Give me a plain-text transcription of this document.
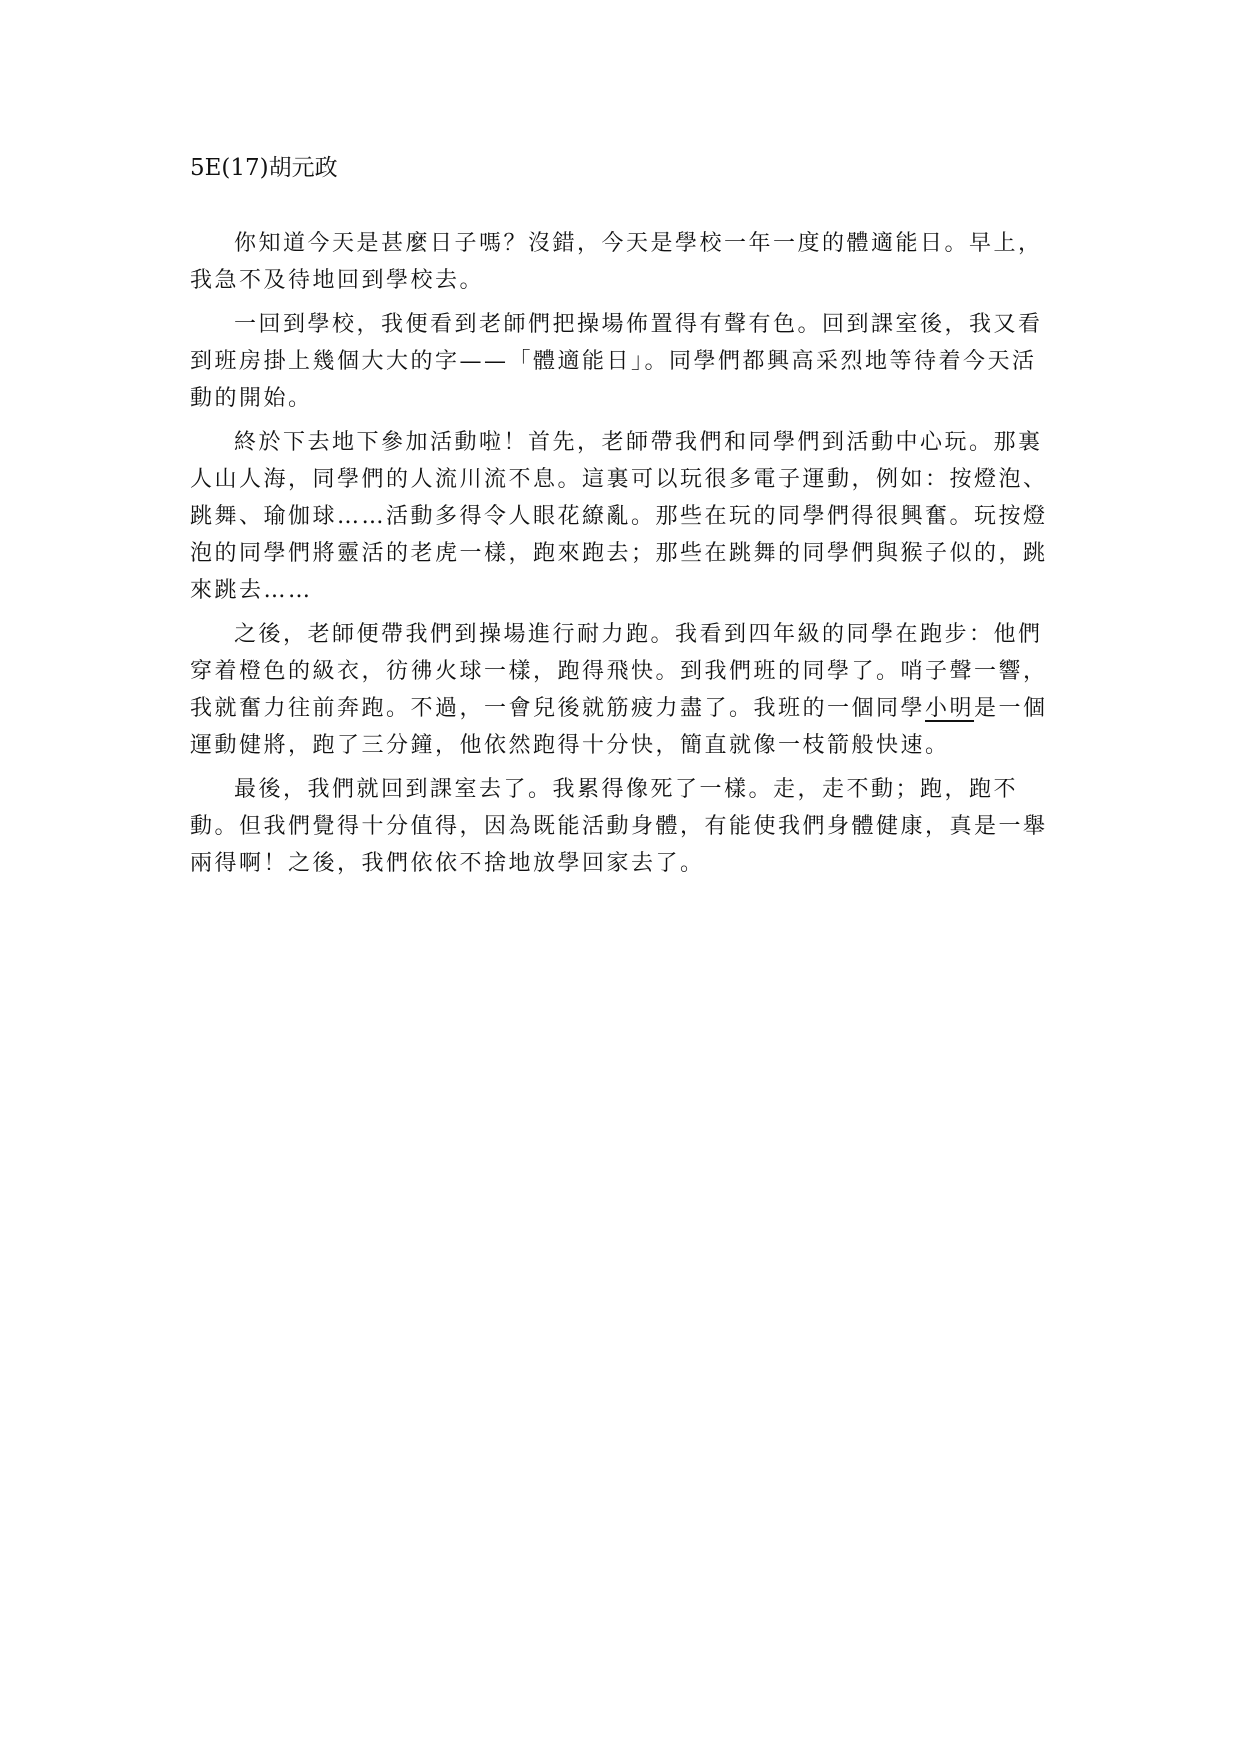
5E(17)胡元政

你知道今天是甚麼日子嗎？沒錯，今天是學校一年一度的體適能日。早上，我急不及待地回到學校去。

一回到學校，我便看到老師們把操場佈置得有聲有色。回到課室後，我又看到班房掛上幾個大大的字——「體適能日」。同學們都興高采烈地等待着今天活動的開始。

終於下去地下參加活動啦！首先，老師帶我們和同學們到活動中心玩。那裏人山人海，同學們的人流川流不息。這裏可以玩很多電子運動，例如：按燈泡、跳舞、瑜伽球……活動多得令人眼花繚亂。那些在玩的同學們得很興奮。玩按燈泡的同學們將靈活的老虎一樣，跑來跑去；那些在跳舞的同學們與猴子似的，跳來跳去……

之後，老師便帶我們到操場進行耐力跑。我看到四年級的同學在跑步：他們穿着橙色的級衣，彷彿火球一樣，跑得飛快。到我們班的同學了。哨子聲一響，我就奮力往前奔跑。不過，一會兒後就筋疲力盡了。我班的一個同學小明是一個運動健將，跑了三分鐘，他依然跑得十分快，簡直就像一枝箭般快速。

最後，我們就回到課室去了。我累得像死了一樣。走，走不動；跑，跑不動。但我們覺得十分值得，因為既能活動身體，有能使我們身體健康，真是一舉兩得啊！之後，我們依依不捨地放學回家去了。
